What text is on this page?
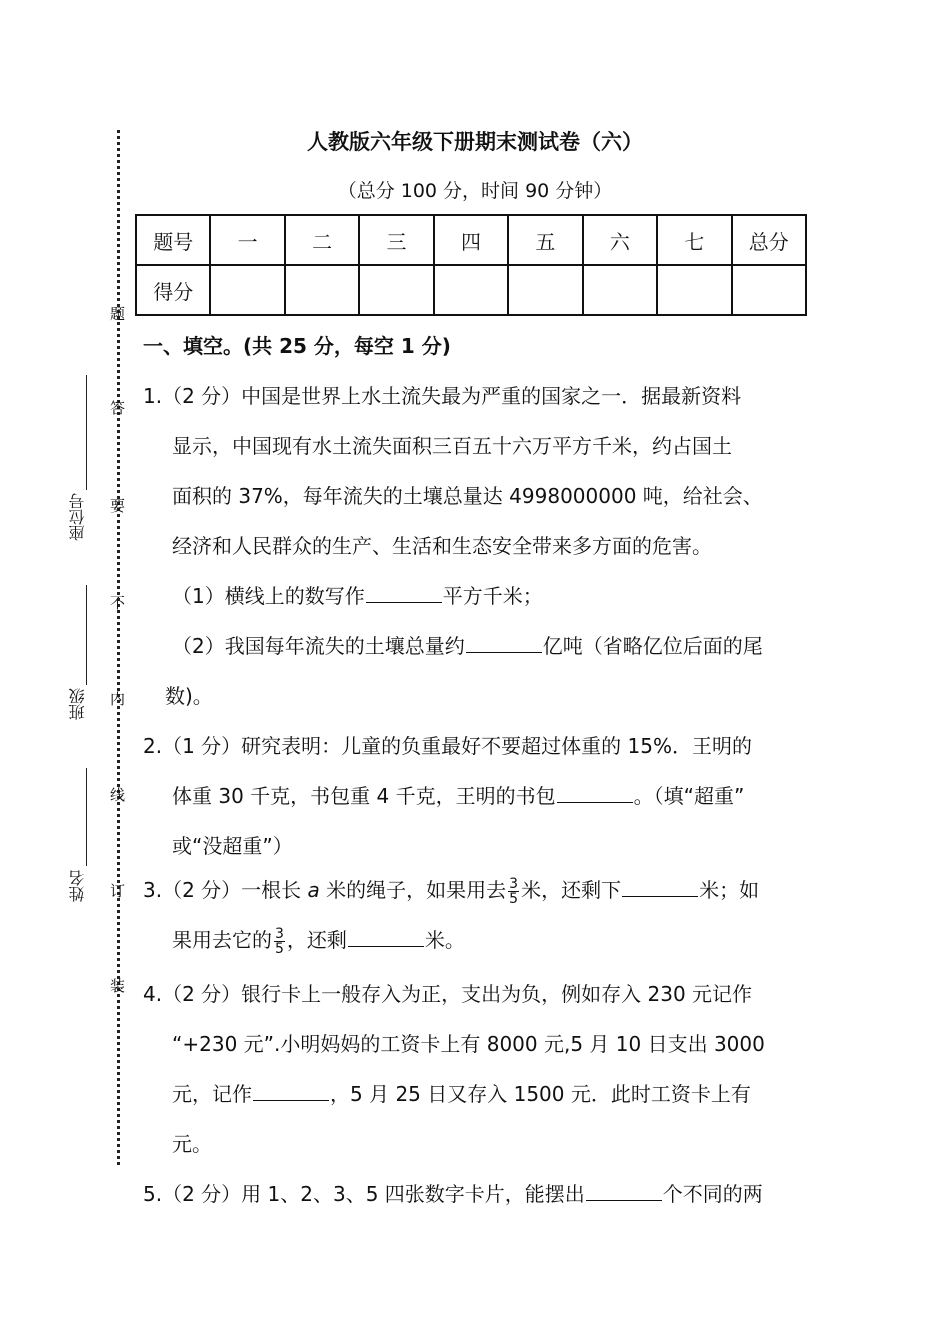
题
答
要
不
内
线
订
装
座位号
班级
姓名
人教版六年级下册期末测试卷（六）
（总分 100 分，时间 90 分钟）
题号	一	二	三	四	五	六	七	总分
得分								
一、填空。(共 25 分，每空 1 分)
1.（2 分）中国是世界上水土流失最为严重的国家之一．据最新资料
显示，中国现有水土流失面积三百五十六万平方千米，约占国土
面积的 37%，每年流失的土壤总量达 4998000000 吨，给社会、
经济和人民群众的生产、生活和生态安全带来多方面的危害。
（1）横线上的数写作	平方千米；
（2）我国每年流失的土壤总量约	亿吨（省略亿位后面的尾
数)。
2.（1 分）研究表明：儿童的负重最好不要超过体重的 15%．王明的
体重 30 千克，书包重 4 千克，王明的书包	。（填“超重”
或“没超重”）
3.（2 分）一根长 a 米的绳子，如果用去 $\frac{3}{5}$ 米，还剩下	米；如
果用去它的 $\frac{3}{5}$ ，还剩	米。
4.（2 分）银行卡上一般存入为正，支出为负，例如存入 230 元记作
“+230 元”.小明妈妈的工资卡上有 8000 元,5 月 10 日支出 3000
元，记作	，5 月 25 日又存入 1500 元．此时工资卡上有
元。
5.（2 分）用 1、2、3、5 四张数字卡片，能摆出	个不同的两
